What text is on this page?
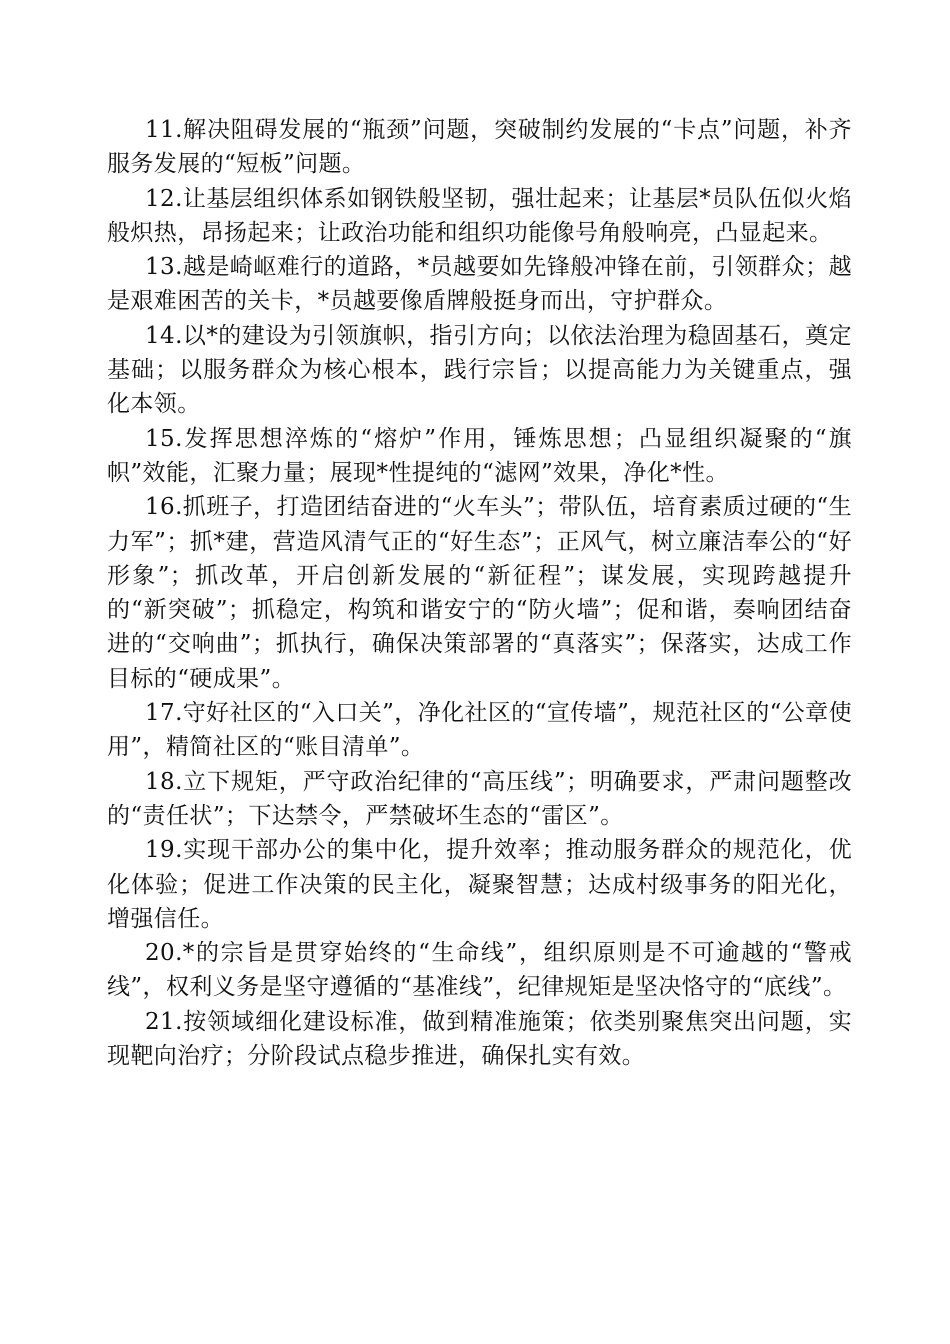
11.解决阻碍发展的“瓶颈”问题，突破制约发展的“卡点”问题，补齐服务发展的“短板”问题。

12.让基层组织体系如钢铁般坚韧，强壮起来；让基层*员队伍似火焰般炽热，昂扬起来；让政治功能和组织功能像号角般响亮，凸显起来。

13.越是崎岖难行的道路，*员越要如先锋般冲锋在前，引领群众；越是艰难困苦的关卡，*员越要像盾牌般挺身而出，守护群众。

14.以*的建设为引领旗帜，指引方向；以依法治理为稳固基石，奠定基础；以服务群众为核心根本，践行宗旨；以提高能力为关键重点，强化本领。

15.发挥思想淬炼的“熔炉”作用，锤炼思想；凸显组织凝聚的“旗帜”效能，汇聚力量；展现*性提纯的“滤网”效果，净化*性。

16.抓班子，打造团结奋进的“火车头”；带队伍，培育素质过硬的“生力军”；抓*建，营造风清气正的“好生态”；正风气，树立廉洁奉公的“好形象”；抓改革，开启创新发展的“新征程”；谋发展，实现跨越提升的“新突破”；抓稳定，构筑和谐安宁的“防火墙”；促和谐，奏响团结奋进的“交响曲”；抓执行，确保决策部署的“真落实”；保落实，达成工作目标的“硬成果”。

17.守好社区的“入口关”，净化社区的“宣传墙”，规范社区的“公章使用”，精简社区的“账目清单”。

18.立下规矩，严守政治纪律的“高压线”；明确要求，严肃问题整改的“责任状”；下达禁令，严禁破坏生态的“雷区”。

19.实现干部办公的集中化，提升效率；推动服务群众的规范化，优化体验；促进工作决策的民主化，凝聚智慧；达成村级事务的阳光化，增强信任。

20.*的宗旨是贯穿始终的“生命线”，组织原则是不可逾越的“警戒线”，权利义务是坚守遵循的“基准线”，纪律规矩是坚决恪守的“底线”。

21.按领域细化建设标准，做到精准施策；依类别聚焦突出问题，实现靶向治疗；分阶段试点稳步推进，确保扎实有效。
